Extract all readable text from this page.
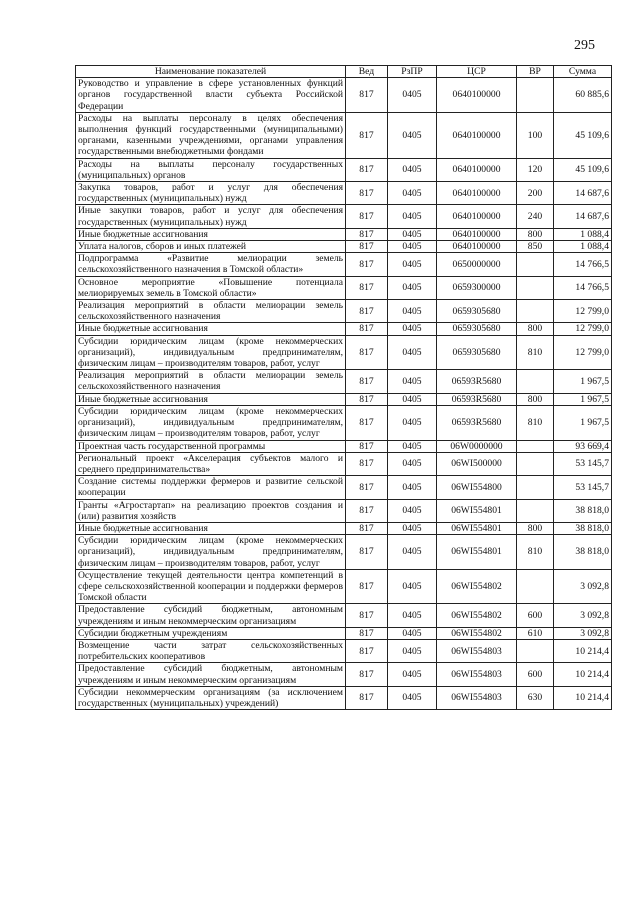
295
Наименование показателей	Вед	РзПР	ЦСР	ВР	Сумма
Руководство и управление в сфере установленных функций органов государственной власти субъекта Российской Федерации	817	0405	0640100000		60 885,6
Расходы на выплаты персоналу в целях обеспечения выполнения функций государственными (муниципальными) органами, казенными учреждениями, органами управления государственными внебюджетными фондами	817	0405	0640100000	100	45 109,6
Расходы на выплаты персоналу государственных (муниципальных) органов	817	0405	0640100000	120	45 109,6
Закупка товаров, работ и услуг для обеспечения государственных (муниципальных) нужд	817	0405	0640100000	200	14 687,6
Иные закупки товаров, работ и услуг для обеспечения государственных (муниципальных) нужд	817	0405	0640100000	240	14 687,6
Иные бюджетные ассигнования	817	0405	0640100000	800	1 088,4
Уплата налогов, сборов и иных платежей	817	0405	0640100000	850	1 088,4
Подпрограмма «Развитие мелиорации земель сельскохозяйственного назначения в Томской области»	817	0405	0650000000		14 766,5
Основное мероприятие «Повышение потенциала мелиорируемых земель в Томской области»	817	0405	0659300000		14 766,5
Реализация мероприятий в области мелиорации земель сельскохозяйственного назначения	817	0405	0659305680		12 799,0
Иные бюджетные ассигнования	817	0405	0659305680	800	12 799,0
Субсидии юридическим лицам (кроме некоммерческих организаций), индивидуальным предпринимателям, физическим лицам – производителям товаров, работ, услуг	817	0405	0659305680	810	12 799,0
Реализация мероприятий в области мелиорации земель сельскохозяйственного назначения	817	0405	06593R5680		1 967,5
Иные бюджетные ассигнования	817	0405	06593R5680	800	1 967,5
Субсидии юридическим лицам (кроме некоммерческих организаций), индивидуальным предпринимателям, физическим лицам – производителям товаров, работ, услуг	817	0405	06593R5680	810	1 967,5
Проектная часть государственной программы	817	0405	06W0000000		93 669,4
Региональный проект «Акселерация субъектов малого и среднего предпринимательства»	817	0405	06WI500000		53 145,7
Создание системы поддержки фермеров и развитие сельской кооперации	817	0405	06WI554800		53 145,7
Гранты «Агростартап» на реализацию проектов создания и (или) развития хозяйств	817	0405	06WI554801		38 818,0
Иные бюджетные ассигнования	817	0405	06WI554801	800	38 818,0
Субсидии юридическим лицам (кроме некоммерческих организаций), индивидуальным предпринимателям, физическим лицам – производителям товаров, работ, услуг	817	0405	06WI554801	810	38 818,0
Осуществление текущей деятельности центра компетенций в сфере сельскохозяйственной кооперации и поддержки фермеров Томской области	817	0405	06WI554802		3 092,8
Предоставление субсидий бюджетным, автономным учреждениям и иным некоммерческим организациям	817	0405	06WI554802	600	3 092,8
Субсидии бюджетным учреждениям	817	0405	06WI554802	610	3 092,8
Возмещение части затрат сельскохозяйственных потребительских кооперативов	817	0405	06WI554803		10 214,4
Предоставление субсидий бюджетным, автономным учреждениям и иным некоммерческим организациям	817	0405	06WI554803	600	10 214,4
Субсидии некоммерческим организациям (за исключением государственных (муниципальных) учреждений)	817	0405	06WI554803	630	10 214,4
